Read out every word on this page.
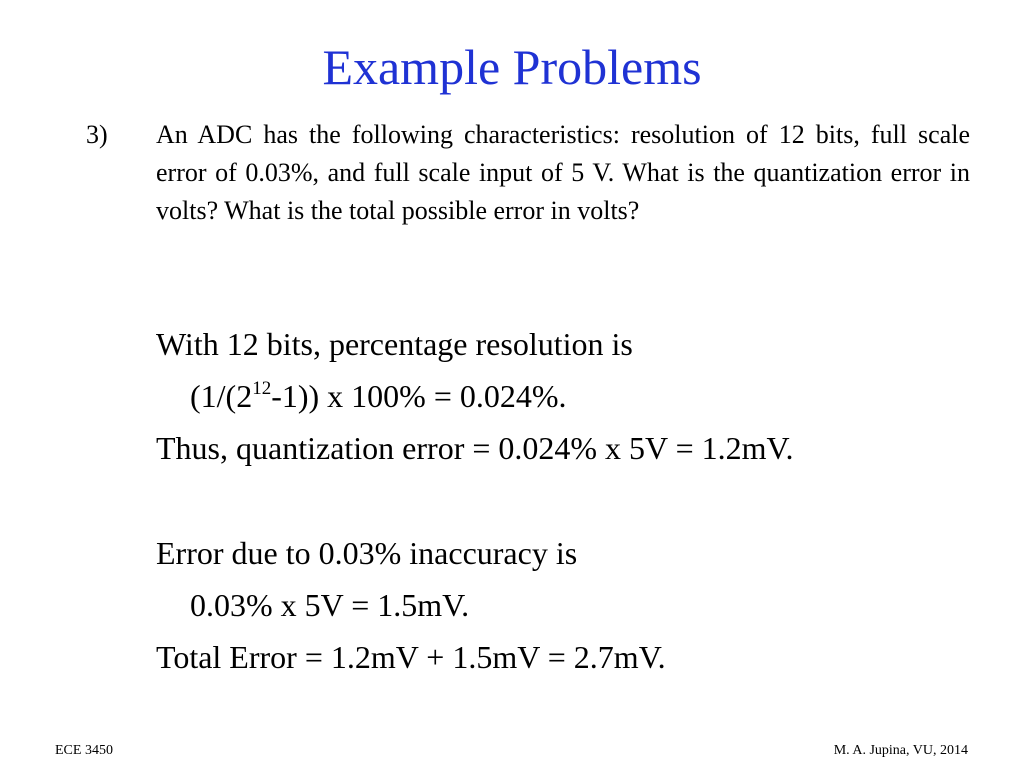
Example Problems
3) An ADC has the following characteristics: resolution of 12 bits, full scale error of 0.03%, and full scale input of 5 V. What is the quantization error in volts? What is the total possible error in volts?
With 12 bits, percentage resolution is
$(1/(2^{12}-1))$ x 100% = 0.024%.
Thus, quantization error = 0.024% x 5V = 1.2mV.
Error due to 0.03% inaccuracy is
0.03% x 5V = 1.5mV.
Total Error = 1.2mV + 1.5mV = 2.7mV.
ECE 3450	M. A. Jupina, VU, 2014
